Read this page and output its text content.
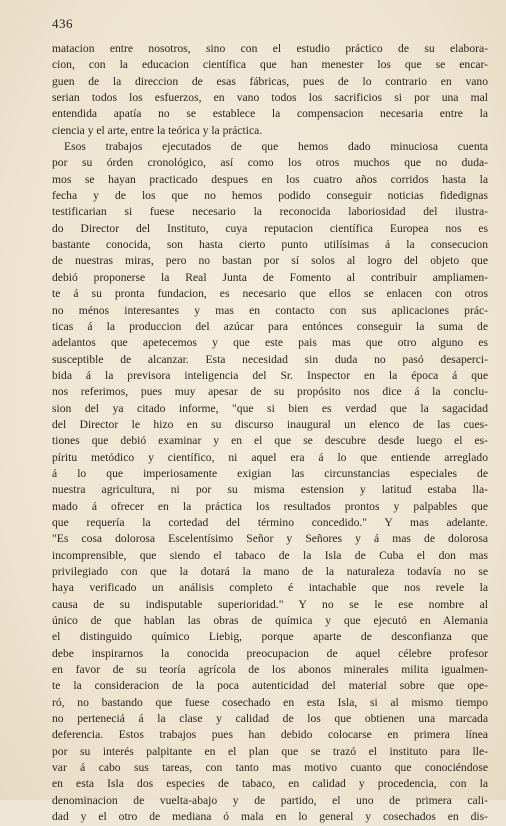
436
matacion entre nosotros, sino con el estudio práctico de su elabora-
cion, con la educacion científica que han menester los que se encar-
guen de la direccion de esas fábricas, pues de lo contrario en vano
serian todos los esfuerzos, en vano todos los sacrificios si por una mal
entendida apatía no se establece la compensacion necesaria entre la
ciencia y el arte, entre la teórica y la práctica.
Esos trabajos ejecutados de que hemos dado minuciosa cuenta
por su órden cronológico, así como los otros muchos que no duda-
mos se hayan practicado despues en los cuatro años corridos hasta la
fecha y de los que no hemos podido conseguir noticias fidedignas
testificarian si fuese necesario la reconocida laboriosidad del ilustra-
do Director del Instituto, cuya reputacion científica Europea nos es
bastante conocida, son hasta cierto punto utilísimas á la consecucion
de nuestras miras, pero no bastan por sí solos al logro del objeto que
debió proponerse la Real Junta de Fomento al contribuir ampliamen-
te á su pronta fundacion, es necesario que ellos se enlacen con otros
no ménos interesantes y mas en contacto con sus aplicaciones prác-
ticas á la produccion del azúcar para entónces conseguir la suma de
adelantos que apetecemos y que este pais mas que otro alguno es
susceptible de alcanzar. Esta necesidad sin duda no pasó desaperci-
bida á la previsora inteligencia del Sr. Inspector en la época á que
nos referimos, pues muy apesar de su propósito nos dice á la conclu-
sion del ya citado informe, "que si bien es verdad que la sagacidad
del Director le hizo en su discurso inaugural un elenco de las cues-
tiones que debió examinar y en el que se descubre desde luego el es-
píritu metódico y científico, ni aquel era á lo que entiende arreglado
á lo que imperiosamente exigian las circunstancias especiales de
nuestra agricultura, ni por su misma estension y latitud estaba lla-
mado á ofrecer en la práctica los resultados prontos y palpables que
que requería la cortedad del término concedido." Y mas adelante.
"Es cosa dolorosa Escelentísimo Señor y Señores y á mas de dolorosa
incomprensible, que siendo el tabaco de la Isla de Cuba el don mas
privilegiado con que la dotará la mano de la naturaleza todavía no se
haya verificado un análisis completo é intachable que nos revele la
causa de su indisputable superioridad." Y no se le ese nombre al
único de que hablan las obras de química y que ejecutó en Alemania
el distinguido químico Liebig, porque aparte de desconfianza que
debe inspirarnos la conocida preocupacion de aquel célebre profesor
en favor de su teoría agrícola de los abonos minerales milita igualmen-
te la consideracion de la poca autenticidad del material sobre que ope-
ró, no bastando que fuese cosechado en esta Isla, si al mismo tiempo
no perteneciá á la clase y calidad de los que obtienen una marcada
deferencia. Estos trabajos pues han debido colocarse en primera línea
por su interés palpitante en el plan que se trazó el instituto para lle-
var á cabo sus tareas, con tanto mas motivo cuanto que conociéndose
en esta Isla dos especies de tabaco, en calidad y procedencia, con la
denominacion de vuelta-abajo y de partido, el uno de primera cali-
dad y el otro de mediana ó mala en lo general y cosechados en dis-
